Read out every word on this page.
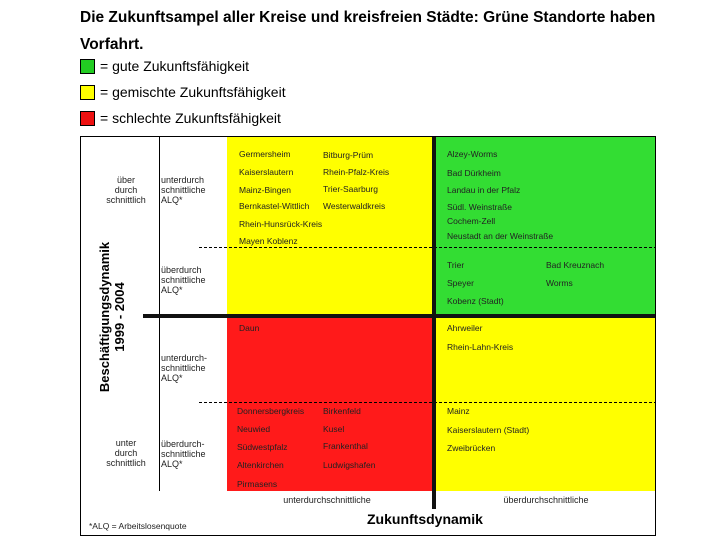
Die Zukunftsampel aller Kreise und kreisfreien Städte: Grüne Standorte haben
Vorfahrt.
= gute Zukunftsfähigkeit
= gemischte Zukunftsfähigkeit
= schlechte Zukunftsfähigkeit
über
durch
schnittlich
unter
durch
schnittlich
unterdurch
schnittliche
ALQ*
überdurch
schnittliche
ALQ*
unterdurch-
schnittliche
ALQ*
überdurch-
schnittliche
ALQ*
Germersheim
Kaiserslautern
Mainz-Bingen
Bernkastel-Wittlich
Rhein-Hunsrück-Kreis
Mayen Koblenz
Bitburg-Prüm
Rhein-Pfalz-Kreis
Trier-Saarburg
Westerwaldkreis
Alzey-Worms
Bad Dürkheim
Landau in der Pfalz
Südl. Weinstraße
Cochem-Zell
Neustadt an der Weinstraße
Trier
Speyer
Kobenz (Stadt)
Bad Kreuznach
Worms
Daun
Donnersbergkreis
Neuwied
Südwestpfalz
Altenkirchen
Pirmasens
Birkenfeld
Kusel
Frankenthal
Ludwigshafen
Ahrweiler
Rhein-Lahn-Kreis
Mainz
Kaiserslautern (Stadt)
Zweibrücken
unterdurchschnittliche	überdurchschnittliche
Zukunftsdynamik
*ALQ = Arbeitslosenquote
Beschäftigungsdynamik 1999 - 2004
